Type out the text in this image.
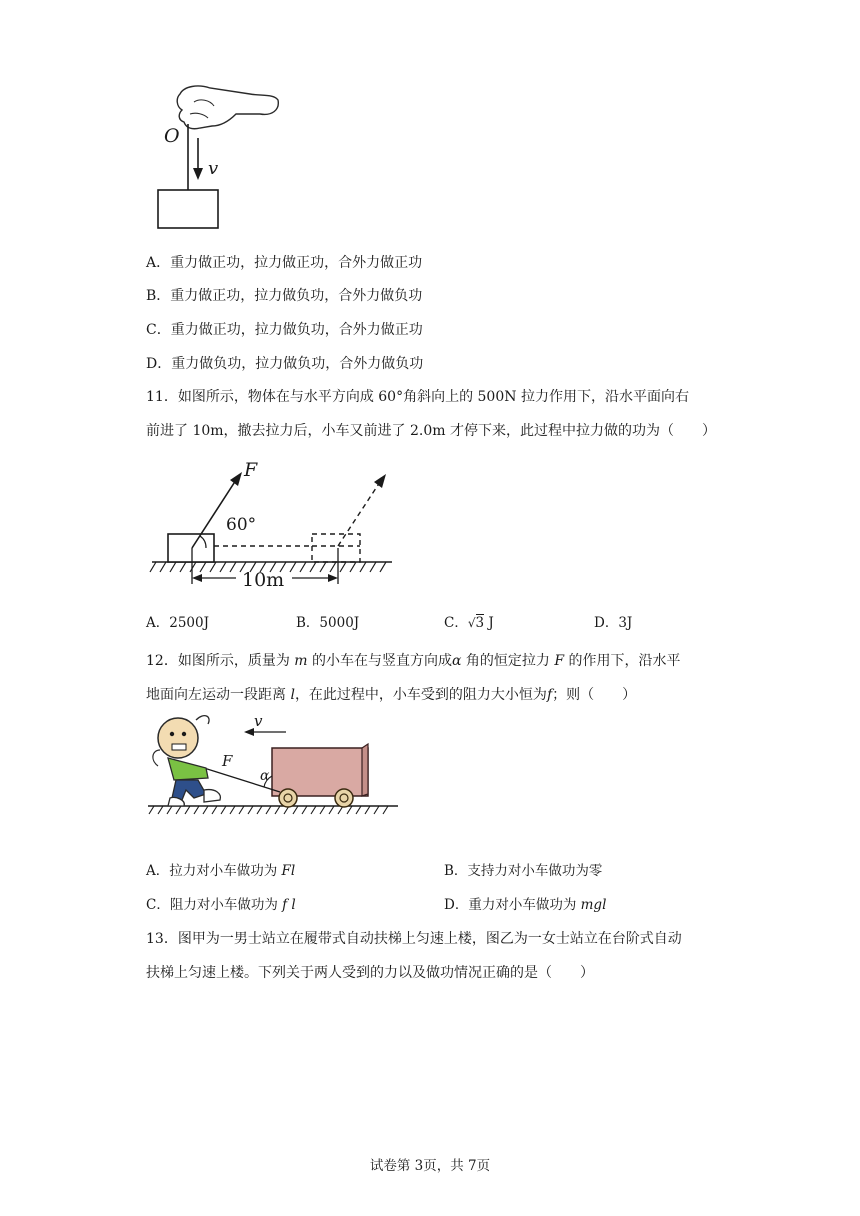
O
v
A．重力做正功，拉力做正功，合外力做正功
B．重力做正功，拉力做负功，合外力做负功
C．重力做正功，拉力做负功，合外力做正功
D．重力做负功，拉力做负功，合外力做负功
11．如图所示，物体在与水平方向成 60°角斜向上的 500N 拉力作用下，沿水平面向右
前进了 10m，撤去拉力后，小车又前进了 2.0m 才停下来，此过程中拉力做的功为（　　）
F
60°
10m
A．2500J	B．5000J	C．√3 J	D．3J
12．如图所示，质量为 m 的小车在与竖直方向成α 角的恒定拉力 F 的作用下，沿水平
地面向左运动一段距离 l，在此过程中，小车受到的阻力大小恒为f；则（　　）
v
α
F
A．拉力对小车做功为 Fl	B．支持力对小车做功为零
C．阻力对小车做功为 f l	D．重力对小车做功为 mgl
13．图甲为一男士站立在履带式自动扶梯上匀速上楼，图乙为一女士站立在台阶式自动
扶梯上匀速上楼。下列关于两人受到的力以及做功情况正确的是（　　）
试卷第 3页，共 7页
